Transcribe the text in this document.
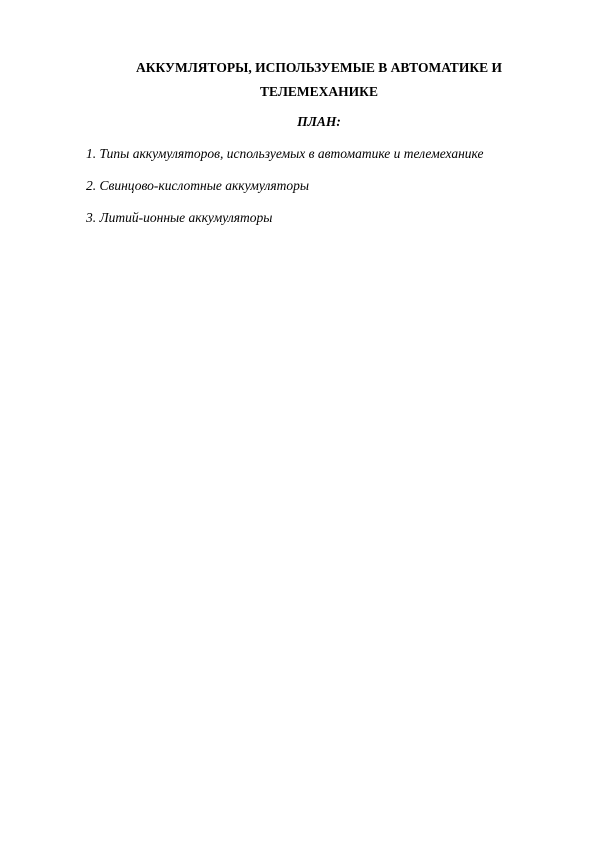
АККУМЛЯТОРЫ, ИСПОЛЬЗУЕМЫЕ В АВТОМАТИКЕ И
ТЕЛЕМЕХАНИКЕ
ПЛАН:
1. Типы аккумуляторов, используемых в автоматике и телемеханике
2. Свинцово-кислотные аккумуляторы
3. Литий-ионные аккумуляторы
